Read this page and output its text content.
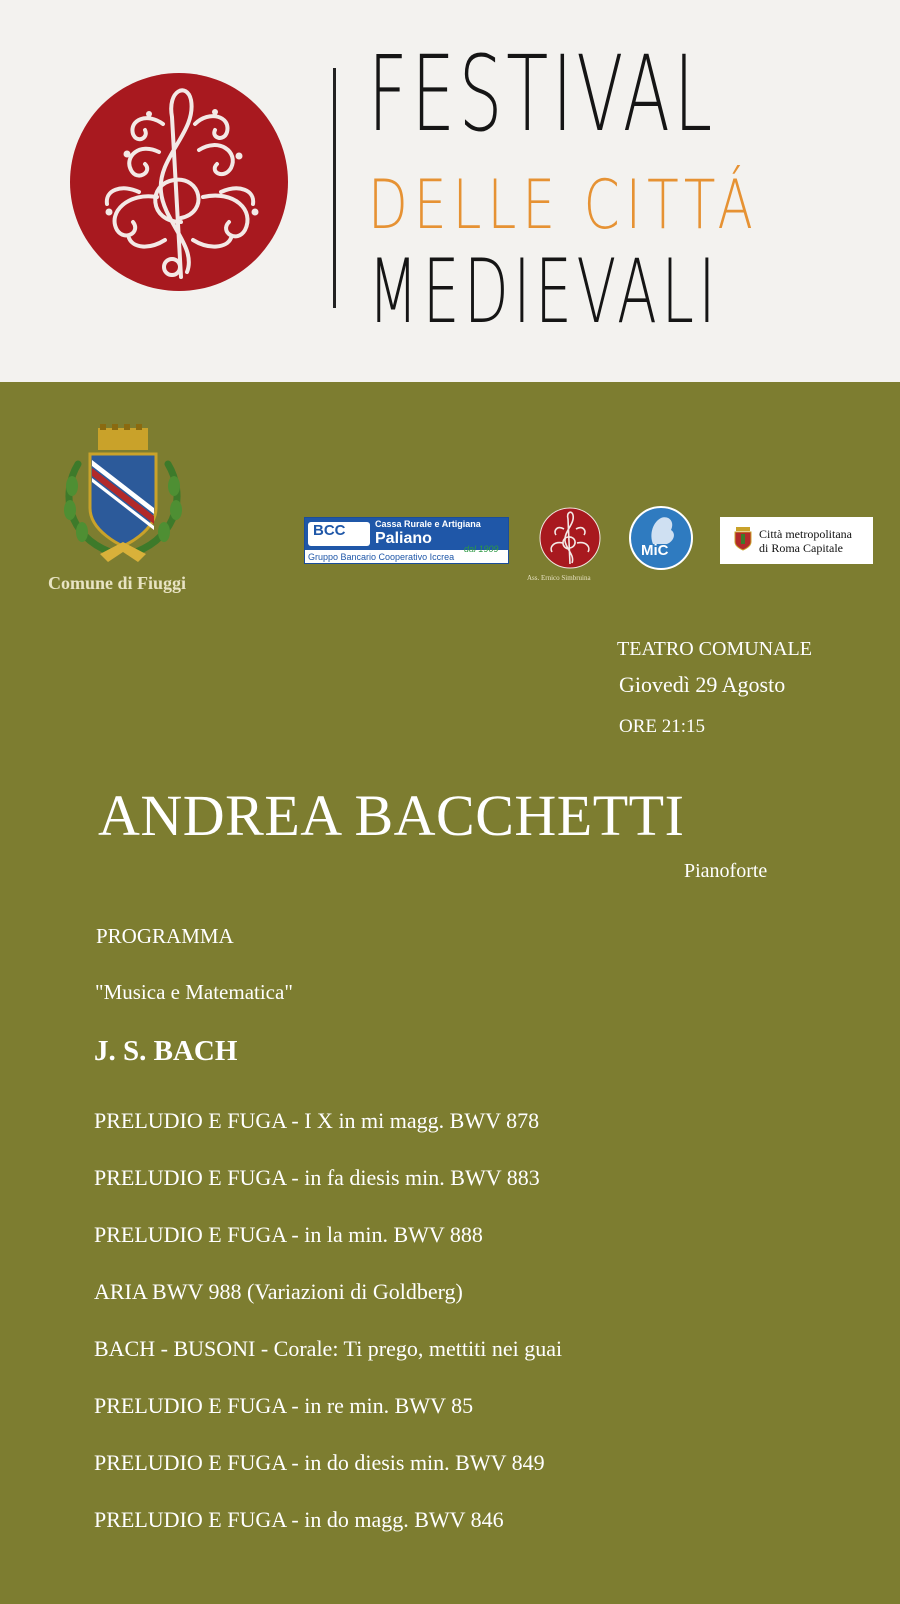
FESTIVAL
DELLE CITTÁ
MEDIEVALI
Comune di Fiuggi
BCC	Cassa Rurale e Artigiana
Paliano
Gruppo Bancario Cooperativo Iccrea
dal 1909
Ass. Ernico Simbruina
MiC
Città metropolitana
di Roma Capitale
TEATRO COMUNALE
Giovedì 29 Agosto
ORE 21:15
ANDREA BACCHETTI
Pianoforte
PROGRAMMA
"Musica e Matematica"
J. S. BACH
PRELUDIO E FUGA - I X in mi magg. BWV 878
PRELUDIO E FUGA - in fa diesis min. BWV 883
PRELUDIO E FUGA - in la min. BWV 888
ARIA BWV 988 (Variazioni di Goldberg)
BACH - BUSONI - Corale: Ti prego, mettiti nei guai
PRELUDIO E FUGA - in re min. BWV 85
PRELUDIO E FUGA - in do diesis min. BWV 849
PRELUDIO E FUGA - in do magg. BWV 846
